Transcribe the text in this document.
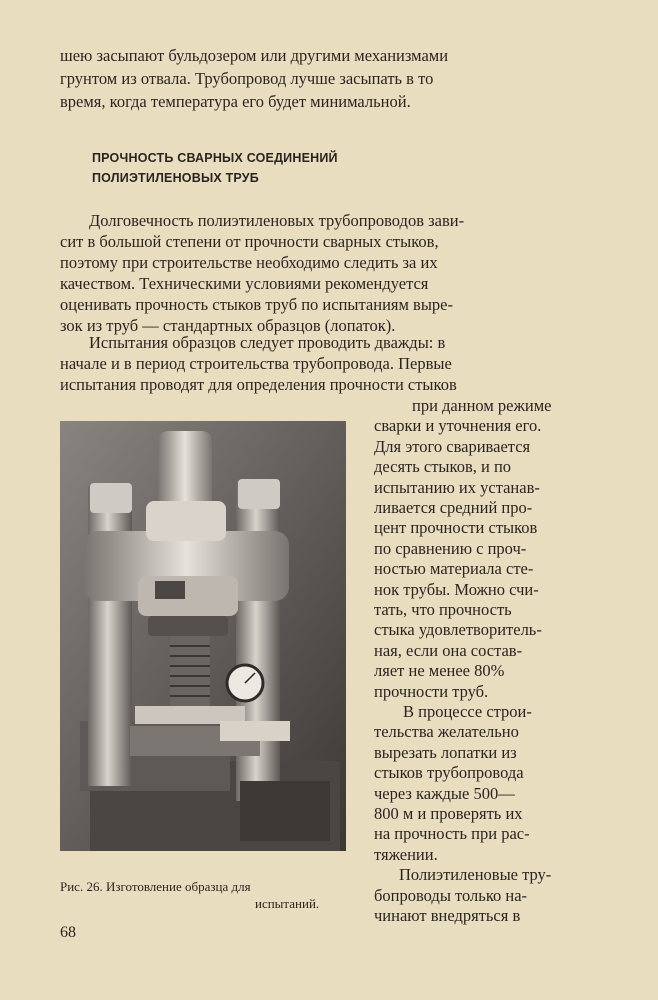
шею засыпают бульдозером или другими механизмами
грунтом из отвала. Трубопровод лучше засыпать в то
время, когда температура его будет минимальной.
ПРОЧНОСТЬ СВАРНЫХ СОЕДИНЕНИЙ
ПОЛИЭТИЛЕНОВЫХ ТРУБ
Долговечность полиэтиленовых трубопроводов зави-
сит в большой степени от прочности сварных стыков,
поэтому при строительстве необходимо следить за их
качеством. Техническими условиями рекомендуется
оценивать прочность стыков труб по испытаниям выре-
зок из труб — стандартных образцов (лопаток).
Испытания образцов следует проводить дважды: в
начале и в период строительства трубопровода. Первые
испытания проводят для определения прочности стыков
при данном режиме
сварки и уточнения его.
Для этого сваривается
десять стыков, и по
испытанию их устанав-
ливается средний про-
цент прочности стыков
по сравнению с проч-
ностью материала сте-
нок трубы. Можно счи-
тать, что прочность
стыка удовлетворитель-
ная, если она состав-
ляет не менее 80%
прочности труб.
В процессе строи-
тельства желательно
вырезать лопатки из
стыков трубопровода
через каждые 500—
800 м и проверять их
на прочность при рас-
тяжении.
Полиэтиленовые тру-
бопроводы только на-
чинают внедряться в
Рис. 26. Изготовление образца для
испытаний.
68
